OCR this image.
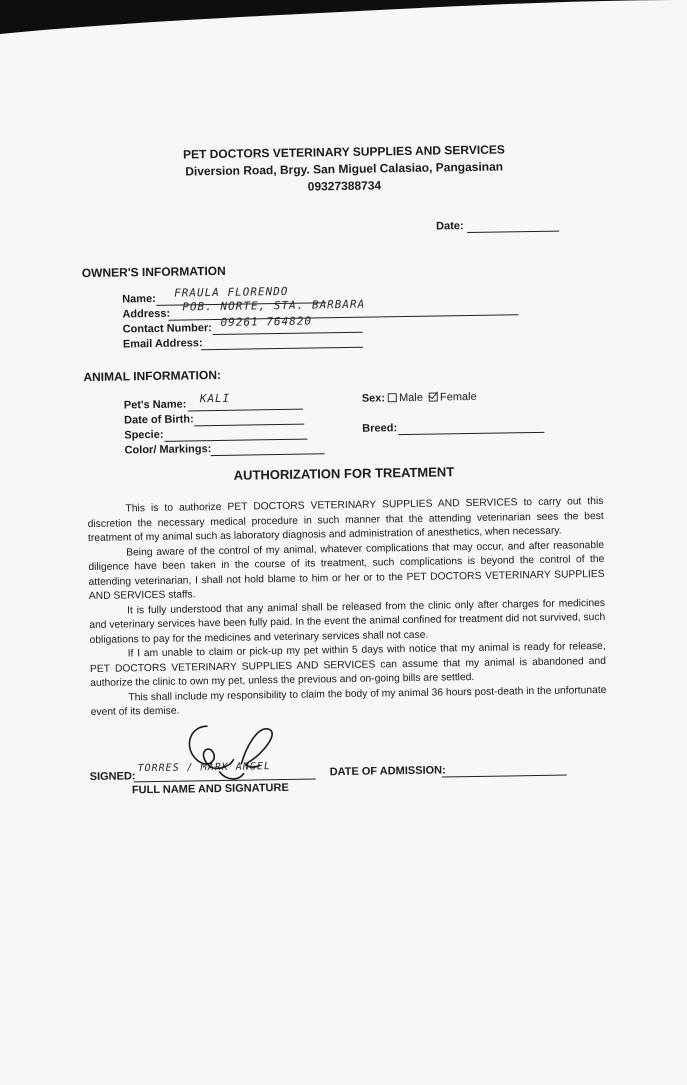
PET DOCTORS VETERINARY SUPPLIES AND SERVICES
Diversion Road, Brgy. San Miguel Calasiao, Pangasinan
09327388734
Date:
OWNER'S INFORMATION
Name: FRAULA FLORENDO
Address:
POB. NORTE, STA. BARBARA
Contact Number: 09261 764820
Email Address:
ANIMAL INFORMATION:
Pet's Name: KALI	Sex: Male Female
Date of Birth:
Specie:
Breed:
Color/ Markings:
AUTHORIZATION FOR TREATMENT

This is to authorize PET DOCTORS VETERINARY SUPPLIES AND SERVICES to carry out this discretion the necessary medical procedure in such manner that the attending veterinarian sees the best treatment of my animal such as laboratory diagnosis and administration of anesthetics, when necessary.

Being aware of the control of my animal, whatever complications that may occur, and after reasonable diligence have been taken in the course of its treatment, such complications is beyond the control of the attending veterinarian, I shall not hold blame to him or her or to the PET DOCTORS VETERINARY SUPPLIES AND SERVICES staffs.

It is fully understood that any animal shall be released from the clinic only after charges for medicines and veterinary services have been fully paid. In the event the animal confined for treatment did not survived, such obligations to pay for the medicines and veterinary services shall not case.

If I am unable to claim or pick-up my pet within 5 days with notice that my animal is ready for release, PET DOCTORS VETERINARY SUPPLIES AND SERVICES can assume that my animal is abandoned and authorize the clinic to own my pet, unless the previous and on-going bills are settled.

This shall include my responsibility to claim the body of my animal 36 hours post-death in the unfortunate event of its demise.

SIGNED:
TORRES / MARK ANGEL
FULL NAME AND SIGNATURE
DATE OF ADMISSION:
